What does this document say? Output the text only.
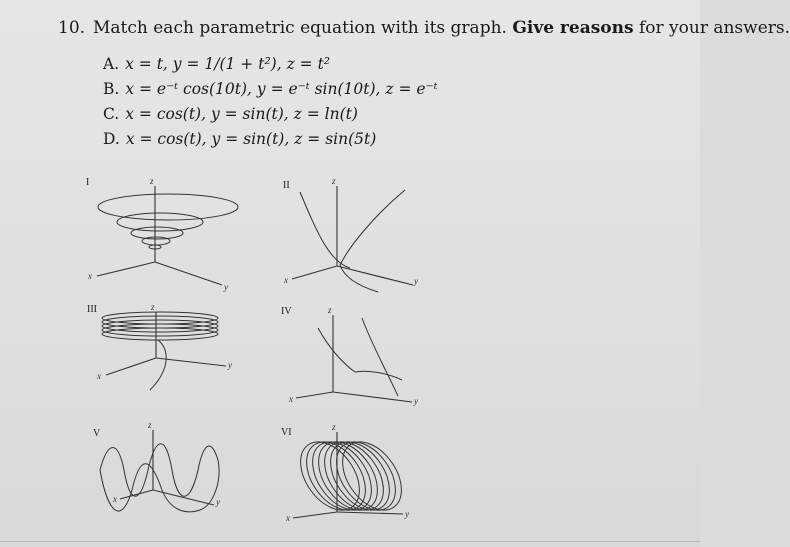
10. Match each parametric equation with its graph. Give reasons for your answers.
A. x = t, y = 1/(1 + t²), z = t²
B. x = e⁻ᵗ cos(10t), y = e⁻ᵗ sin(10t), z = e⁻ᵗ
C. x = cos(t), y = sin(t), z = ln(t)
D. x = cos(t), y = sin(t), z = sin(5t)
I	II
III	IV
V	VI
z
x
y
z
x	y
z
x
y
z
x	y
z
x	y
z
x	y
